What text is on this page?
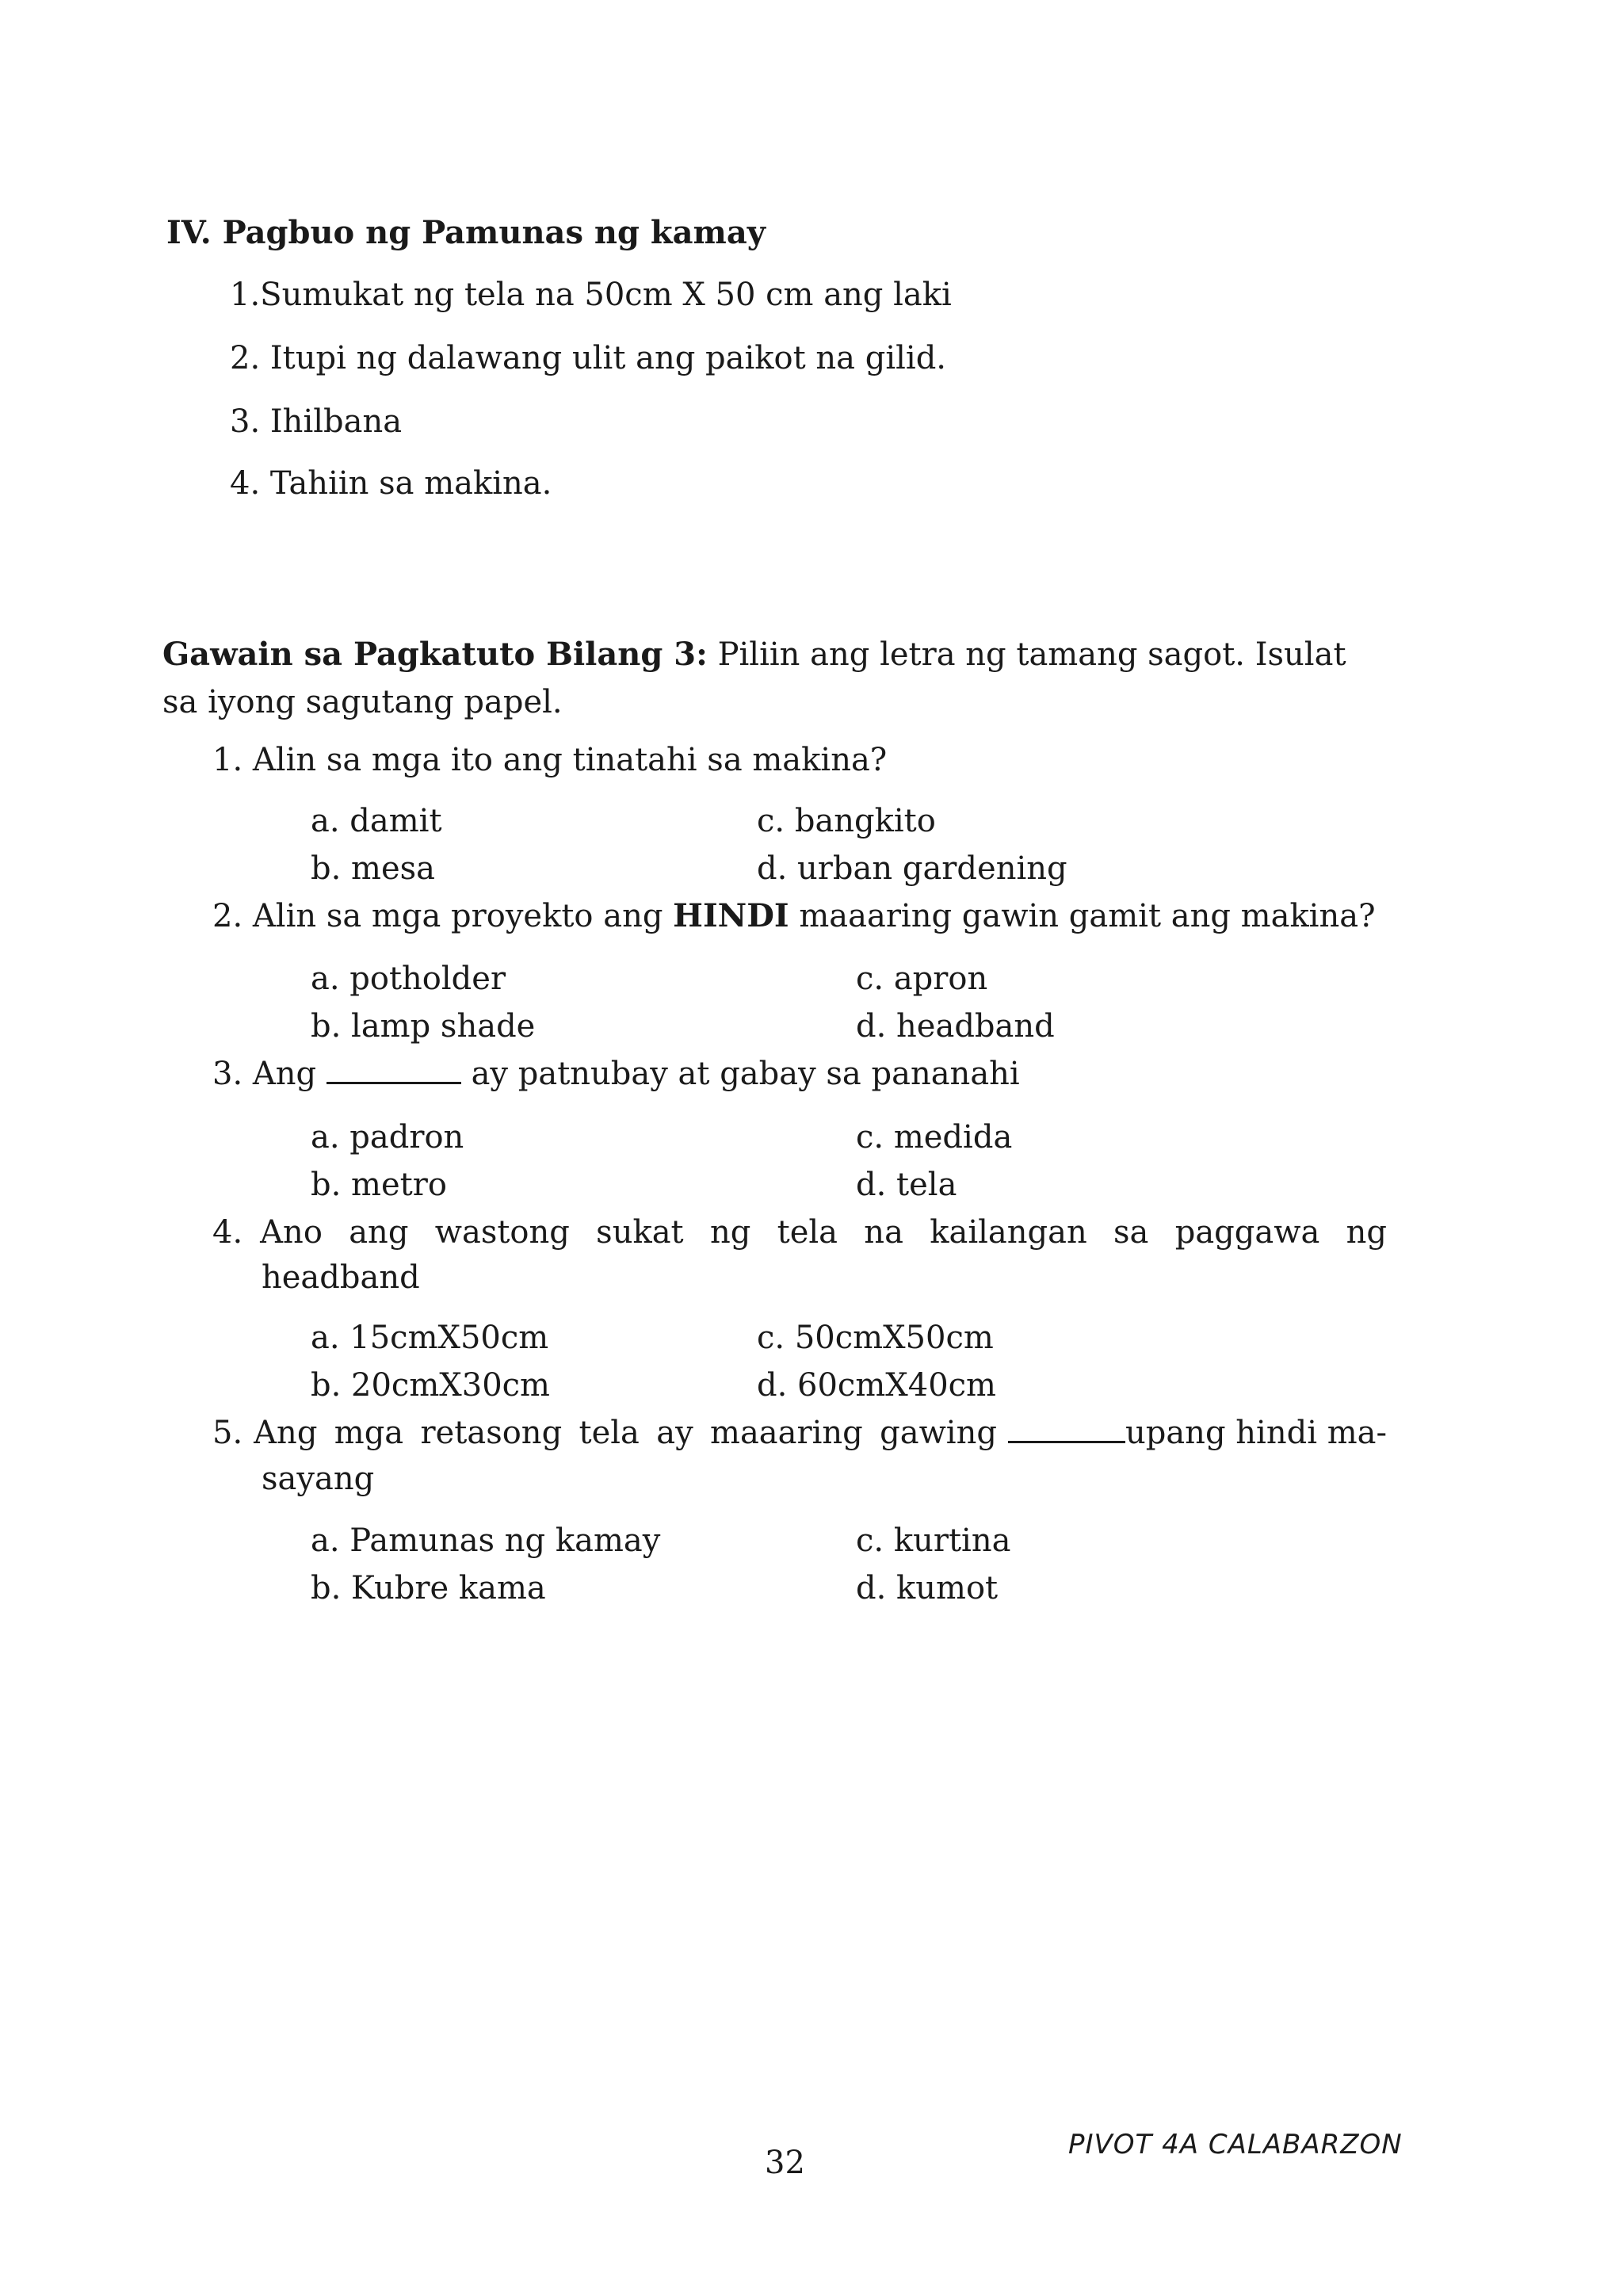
IV. Pagbuo ng Pamunas ng kamay
1.Sumukat ng tela na 50cm X 50 cm ang laki
2. Itupi ng dalawang ulit ang paikot na gilid.
3. Ihilbana
4. Tahiin sa makina.
Gawain sa Pagkatuto Bilang 3: Piliin ang letra ng tamang sagot. Isulat sa iyong sagutang papel.
1. Alin sa mga ito ang tinatahi sa makina?
a. damit	c. bangkito
b. mesa	d. urban gardening
2. Alin sa mga proyekto ang HINDI maaaring gawin gamit ang makina?
a. potholder	c. apron
b. lamp shade	d. headband
3. Ang	ay patnubay at gabay sa pananahi
a. padron	c. medida
b. metro	d. tela
4. Ano ang wastong sukat ng tela na kailangan sa paggawa ng
headband
a. 15cmX50cm	c. 50cmX50cm
b. 20cmX30cm	d. 60cmX40cm
5. Ang mga retasong tela ay maaaring gawing	upang hindi ma-
sayang
a. Pamunas ng kamay	c. kurtina
b. Kubre kama	d. kumot
32	PIVOT 4A CALABARZON
